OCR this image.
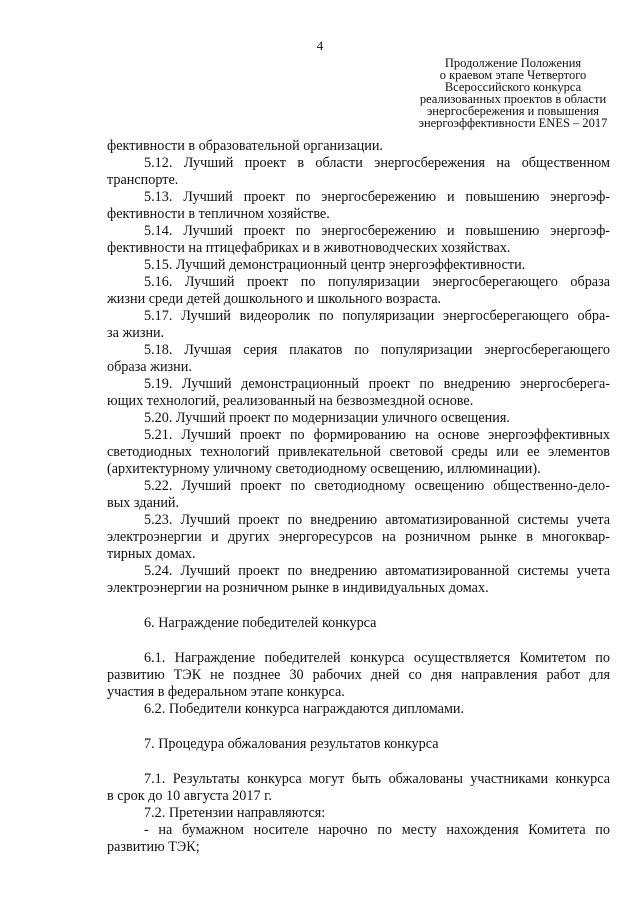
4
Продолжение Положения
о краевом этапе Четвертого
Всероссийского конкурса
реализованных проектов в области
энергосбережения и повышения
энергоэффективности ENES – 2017
фективности в образовательной организации.
5.12. Лучший проект в области энергосбережения на общественном
транспорте.
5.13. Лучший проект по энергосбережению и повышению энергоэф-
фективности в тепличном хозяйстве.
5.14. Лучший проект по энергосбережению и повышению энергоэф-
фективности на птицефабриках и в животноводческих хозяйствах.
5.15. Лучший демонстрационный центр энергоэффективности.
5.16. Лучший проект по популяризации энергосберегающего образа
жизни среди детей дошкольного и школьного возраста.
5.17. Лучший видеоролик по популяризации энергосберегающего обра-
за жизни.
5.18. Лучшая серия плакатов по популяризации энергосберегающего
образа жизни.
5.19. Лучший демонстрационный проект по внедрению энергосберега-
ющих технологий, реализованный на безвозмездной основе.
5.20. Лучший проект по модернизации уличного освещения.
5.21. Лучший проект по формированию на основе энергоэффективных
светодиодных технологий привлекательной световой среды или ее элементов
(архитектурному уличному светодиодному освещению, иллюминации).
5.22. Лучший проект по светодиодному освещению общественно-дело-
вых зданий.
5.23. Лучший проект по внедрению автоматизированной системы учета
электроэнергии и других энергоресурсов на розничном рынке в многоквар-
тирных домах.
5.24. Лучший проект по внедрению автоматизированной системы учета
электроэнергии на розничном рынке в индивидуальных домах.
6. Награждение победителей конкурса
6.1. Награждение победителей конкурса осуществляется Комитетом по
развитию ТЭК не позднее 30 рабочих дней со дня направления работ для
участия в федеральном этапе конкурса.
6.2. Победители конкурса награждаются дипломами.
7. Процедура обжалования результатов конкурса
7.1. Результаты конкурса могут быть обжалованы участниками конкурса
в срок до 10 августа 2017 г.
7.2. Претензии направляются:
- на бумажном носителе нарочно по месту нахождения Комитета по
развитию ТЭК;
